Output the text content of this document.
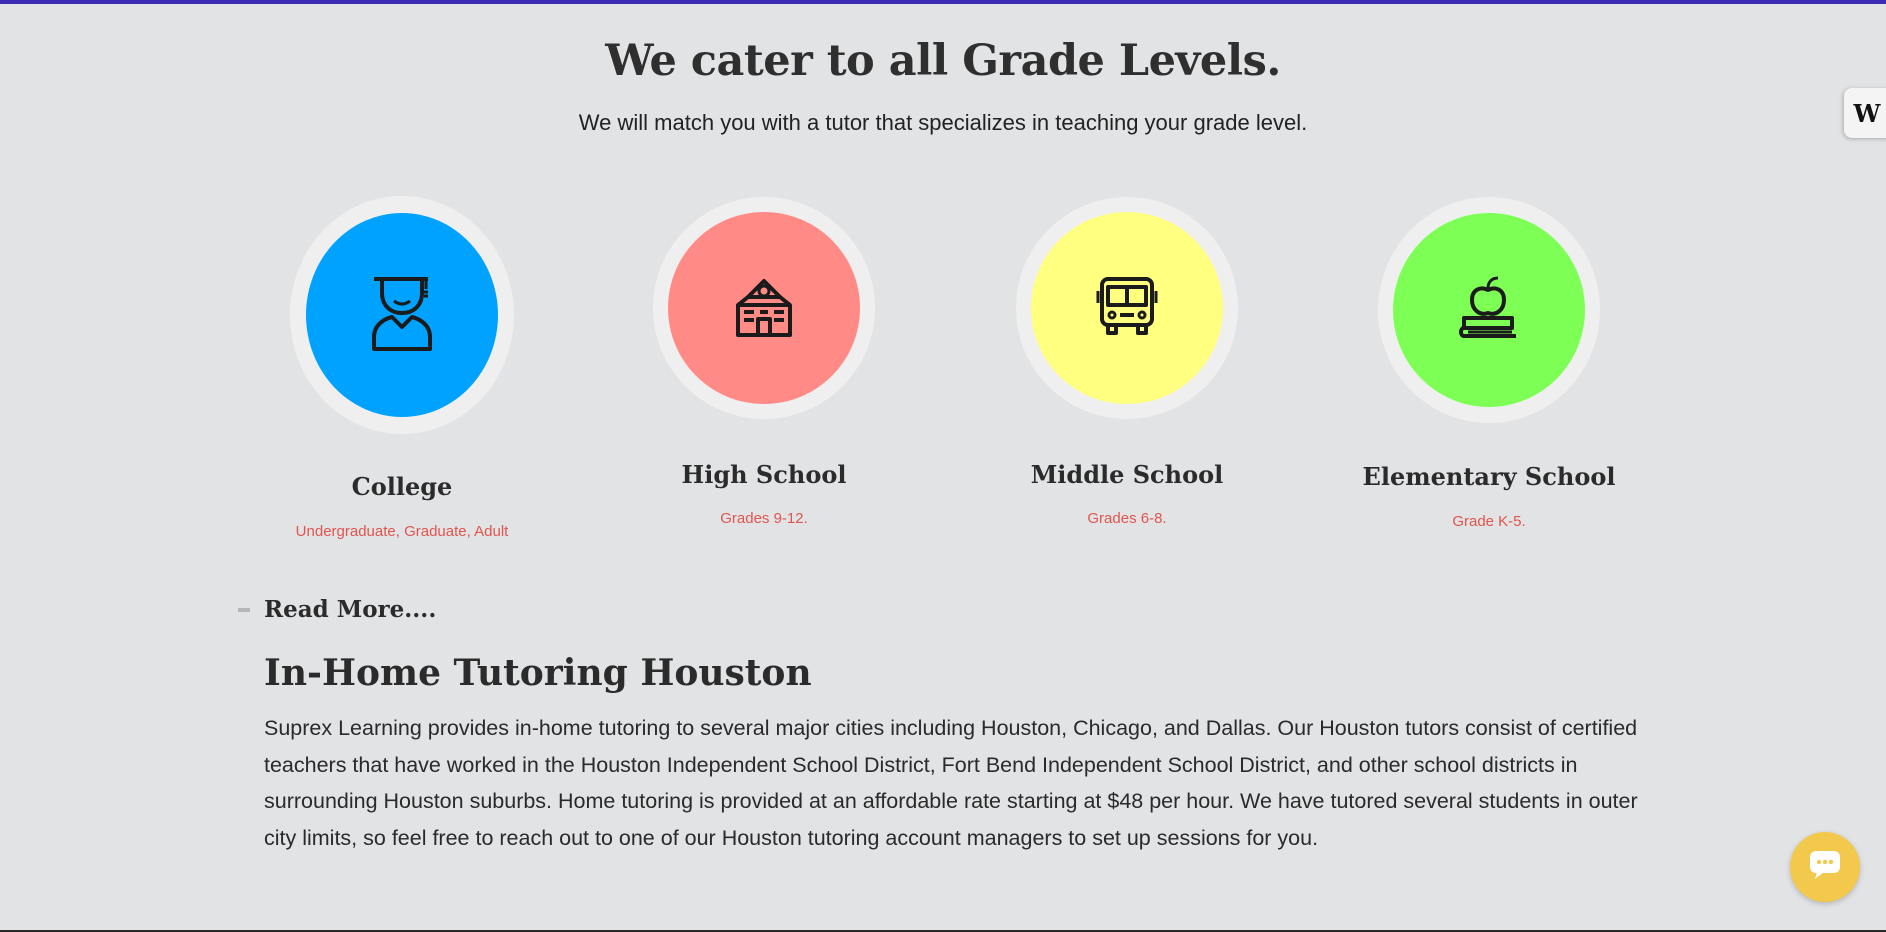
We cater to all Grade Levels.

We will match you with a tutor that specializes in teaching your grade level.

College
Undergraduate, Graduate, Adult
High School
Grades 9-12.
Middle School
Grades 6-8.
Elementary School
Grade K-5.
Read More....
In-Home Tutoring Houston

Suprex Learning provides in-home tutoring to several major cities including Houston, Chicago, and Dallas. Our Houston tutors consist of certified teachers that have worked in the Houston Independent School District, Fort Bend Independent School District, and other school districts in surrounding Houston suburbs. Home tutoring is provided at an affordable rate starting at $48 per hour. We have tutored several students in outer city limits, so feel free to reach out to one of our Houston tutoring account managers to set up sessions for you.

W
